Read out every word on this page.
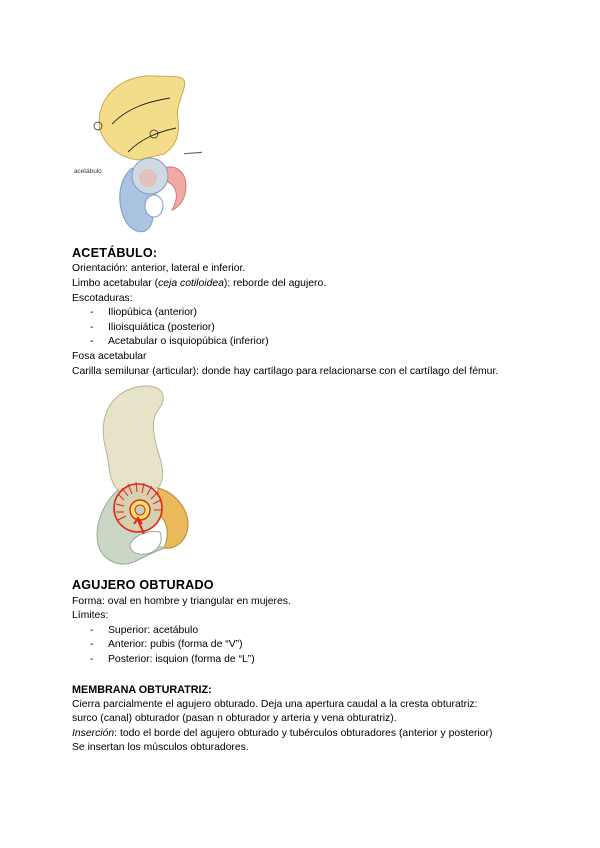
acetábulo
ACETÁBULO:
Orientación: anterior, lateral e inferior.
Limbo acetabular (ceja cotiloidea): reborde del agujero.
Escotaduras:
- Iliopúbica (anterior)
- Ilioisquiática (posterior)
- Acetabular o isquiopúbica (inferior)
Fosa acetabular
Carilla semilunar (articular): donde hay cartílago para relacionarse con el cartílago del fémur.
AGUJERO OBTURADO
Forma: oval en hombre y triangular en mujeres.
Límites:
- Superior: acetábulo
- Anterior: pubis (forma de “V”)
- Posterior: isquion (forma de “L”)
MEMBRANA OBTURATRIZ:
Cierra parcialmente el agujero obturado. Deja una apertura caudal a la cresta obturatriz:
surco (canal) obturador (pasan n obturador y arteria y vena obturatriz).
Inserción: todo el borde del agujero obturado y tubérculos obturadores (anterior y posterior)
Se insertan los músculos obturadores.
